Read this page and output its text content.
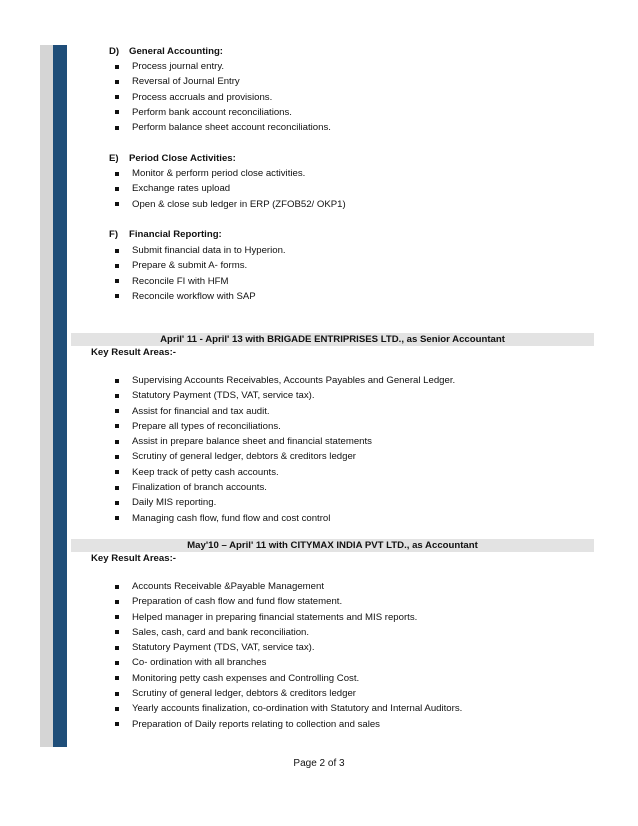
D) General Accounting:
Process journal entry.
Reversal of Journal Entry
Process accruals and provisions.
Perform bank account reconciliations.
Perform balance sheet account reconciliations.
E) Period Close Activities:
Monitor & perform period close activities.
Exchange rates upload
Open & close sub ledger in ERP (ZFOB52/ OKP1)
F) Financial Reporting:
Submit financial data in to Hyperion.
Prepare & submit A- forms.
Reconcile FI with HFM
Reconcile workflow with SAP
April' 11 - April' 13 with BRIGADE ENTRIPRISES LTD., as Senior Accountant
Key Result Areas:-
Supervising Accounts Receivables, Accounts Payables and General Ledger.
Statutory Payment (TDS, VAT, service tax).
Assist for financial and tax audit.
Prepare all types of reconciliations.
Assist in prepare balance sheet and financial statements
Scrutiny of general ledger, debtors & creditors ledger
Keep track of petty cash accounts.
Finalization of branch accounts.
Daily MIS reporting.
Managing cash flow, fund flow and cost control
May'10 – April' 11 with CITYMAX INDIA PVT LTD., as Accountant
Key Result Areas:-
Accounts Receivable &Payable Management
Preparation of cash flow and fund flow statement.
Helped manager in preparing financial statements and MIS reports.
Sales, cash, card and bank reconciliation.
Statutory Payment (TDS, VAT, service tax).
Co- ordination with all branches
Monitoring petty cash expenses and Controlling Cost.
Scrutiny of general ledger, debtors & creditors ledger
Yearly accounts finalization, co-ordination with Statutory and Internal Auditors.
Preparation of Daily reports relating to collection and sales
Page 2 of 3
